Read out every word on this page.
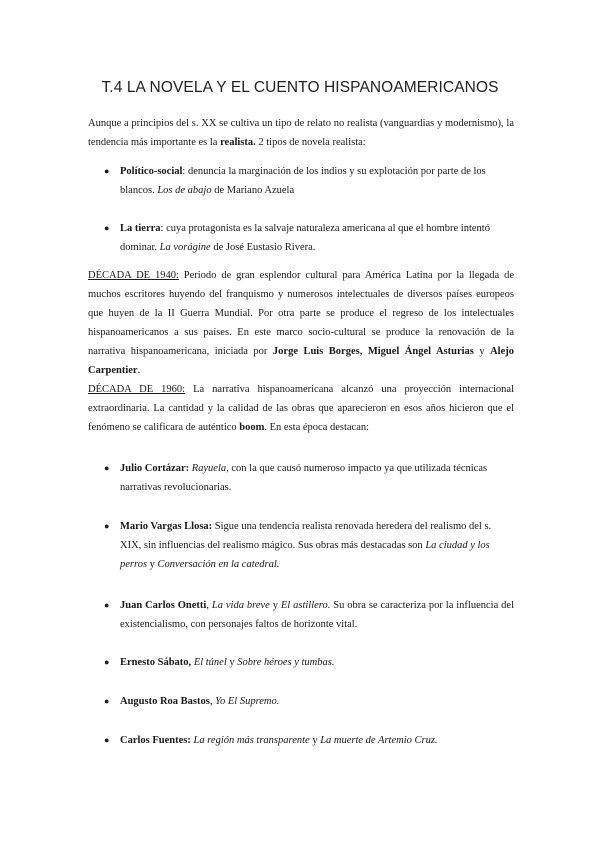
T.4 LA NOVELA Y EL CUENTO HISPANOAMERICANOS

Aunque a principios del s. XX se cultiva un tipo de relato no realista (vanguardias y modernismo), la tendencia más importante es la realista. 2 tipos de novela realista:

● Político-social: denuncia la marginación de los indios y su explotación por parte de los blancos. Los de abajo de Mariano Azuela

● La tierra: cuya protagonista es la salvaje naturaleza americana al que el hombre intentó dominar. La vorágine de José Eustasio Rivera.

DÉCADA DE 1940: Periodo de gran esplendor cultural para América Latina por la llegada de muchos escritores huyendo del franquismo y numerosos intelectuales de diversos países europeos que huyen de la II Guerra Mundial. Por otra parte se produce el regreso de los intelectuales hispanoamericanos a sus países. En este marco socio-cultural se produce la renovación de la narrativa hispanoamericana, iniciada por Jorge Luis Borges, Miguel Ángel Asturias y Alejo Carpentier.

DÉCADA DE 1960: La narrativa hispanoamericana alcanzó una proyección internacional extraordinaria. La cantidad y la calidad de las obras que aparecieron en esos años hicieron que el fenómeno se calificara de auténtico boom. En esta época destacan:

● Julio Cortázar: Rayuela, con la que causó numeroso impacto ya que utilizada técnicas narrativas revolucionarias.

● Mario Vargas Llosa: Sigue una tendencia realista renovada heredera del realismo del s. XIX, sin influencias del realismo mágico. Sus obras más destacadas son La ciudad y los perros y Conversación en la catedral.

● Juan Carlos Onetti, La vida breve y El astillero. Su obra se caracteriza por la influencia del existencialismo, con personajes faltos de horizonte vital.

● Ernesto Sábato, El túnel y Sobre héroes y tumbas.

● Augusto Roa Bastos, Yo El Supremo.

● Carlos Fuentes: La región más transparente y La muerte de Artemio Cruz.
